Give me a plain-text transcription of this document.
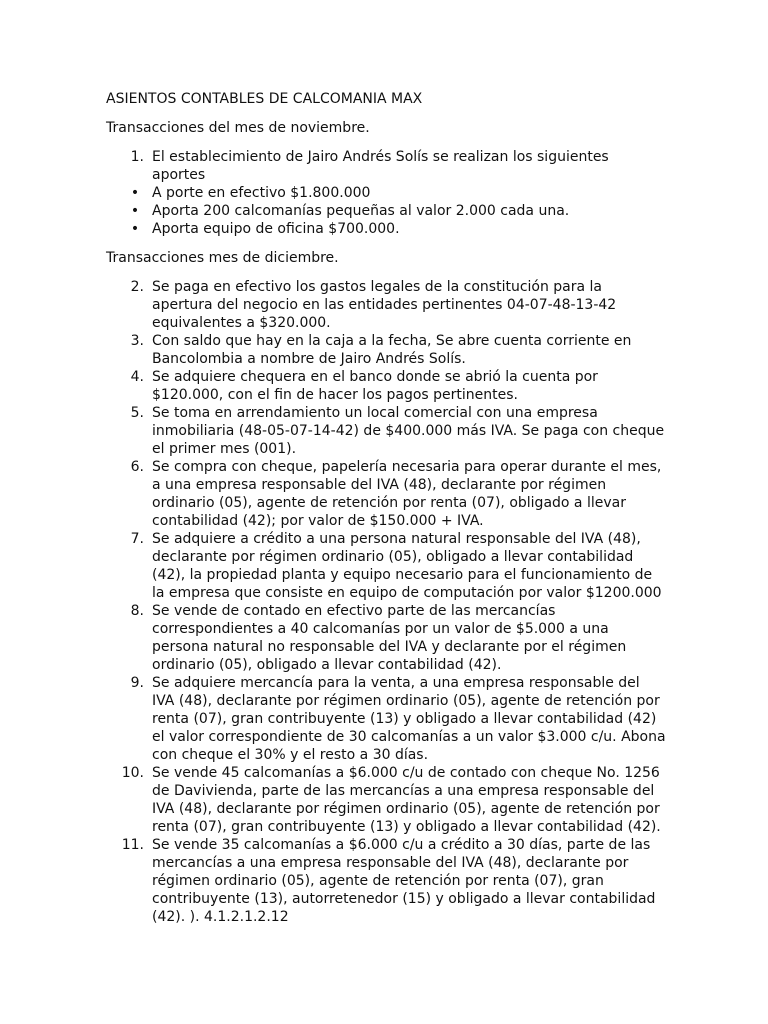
ASIENTOS CONTABLES DE CALCOMANIA MAX

Transacciones del mes de noviembre.

1. El establecimiento de Jairo Andrés Solís se realizan los siguientes aportes
• A porte en efectivo $1.800.000
• Aporta 200 calcomanías pequeñas al valor 2.000 cada una.
• Aporta equipo de oficina $700.000.

Transacciones mes de diciembre.

2. Se paga en efectivo los gastos legales de la constitución para la apertura del negocio en las entidades pertinentes 04-07-48-13-42 equivalentes a $320.000.
3. Con saldo que hay en la caja a la fecha, Se abre cuenta corriente en Bancolombia a nombre de Jairo Andrés Solís.
4. Se adquiere chequera en el banco donde se abrió la cuenta por $120.000, con el fin de hacer los pagos pertinentes.
5. Se toma en arrendamiento un local comercial con una empresa inmobiliaria (48-05-07-14-42) de $400.000 más IVA. Se paga con cheque el primer mes (001).
6. Se compra con cheque, papelería necesaria para operar durante el mes, a una empresa responsable del IVA (48), declarante por régimen ordinario (05), agente de retención por renta (07), obligado a llevar contabilidad (42); por valor de $150.000 + IVA.
7. Se adquiere a crédito a una persona natural responsable del IVA (48), declarante por régimen ordinario (05), obligado a llevar contabilidad (42), la propiedad planta y equipo necesario para el funcionamiento de la empresa que consiste en equipo de computación por valor $1200.000
8. Se vende de contado en efectivo parte de las mercancías correspondientes a 40 calcomanías por un valor de $5.000 a una persona natural no responsable del IVA y declarante por el régimen ordinario (05), obligado a llevar contabilidad (42).
9. Se adquiere mercancía para la venta, a una empresa responsable del IVA (48), declarante por régimen ordinario (05), agente de retención por renta (07), gran contribuyente (13) y obligado a llevar contabilidad (42) el valor correspondiente de 30 calcomanías a un valor $3.000 c/u. Abona con cheque el 30% y el resto a 30 días.
10. Se vende 45 calcomanías a $6.000 c/u de contado con cheque No. 1256 de Davivienda, parte de las mercancías a una empresa responsable del IVA (48), declarante por régimen ordinario (05), agente de retención por renta (07), gran contribuyente (13) y obligado a llevar contabilidad (42).
11. Se vende 35 calcomanías a $6.000 c/u a crédito a 30 días, parte de las mercancías a una empresa responsable del IVA (48), declarante por régimen ordinario (05), agente de retención por renta (07), gran contribuyente (13), autorretenedor (15) y obligado a llevar contabilidad (42). ). 4.1.2.1.2.12
